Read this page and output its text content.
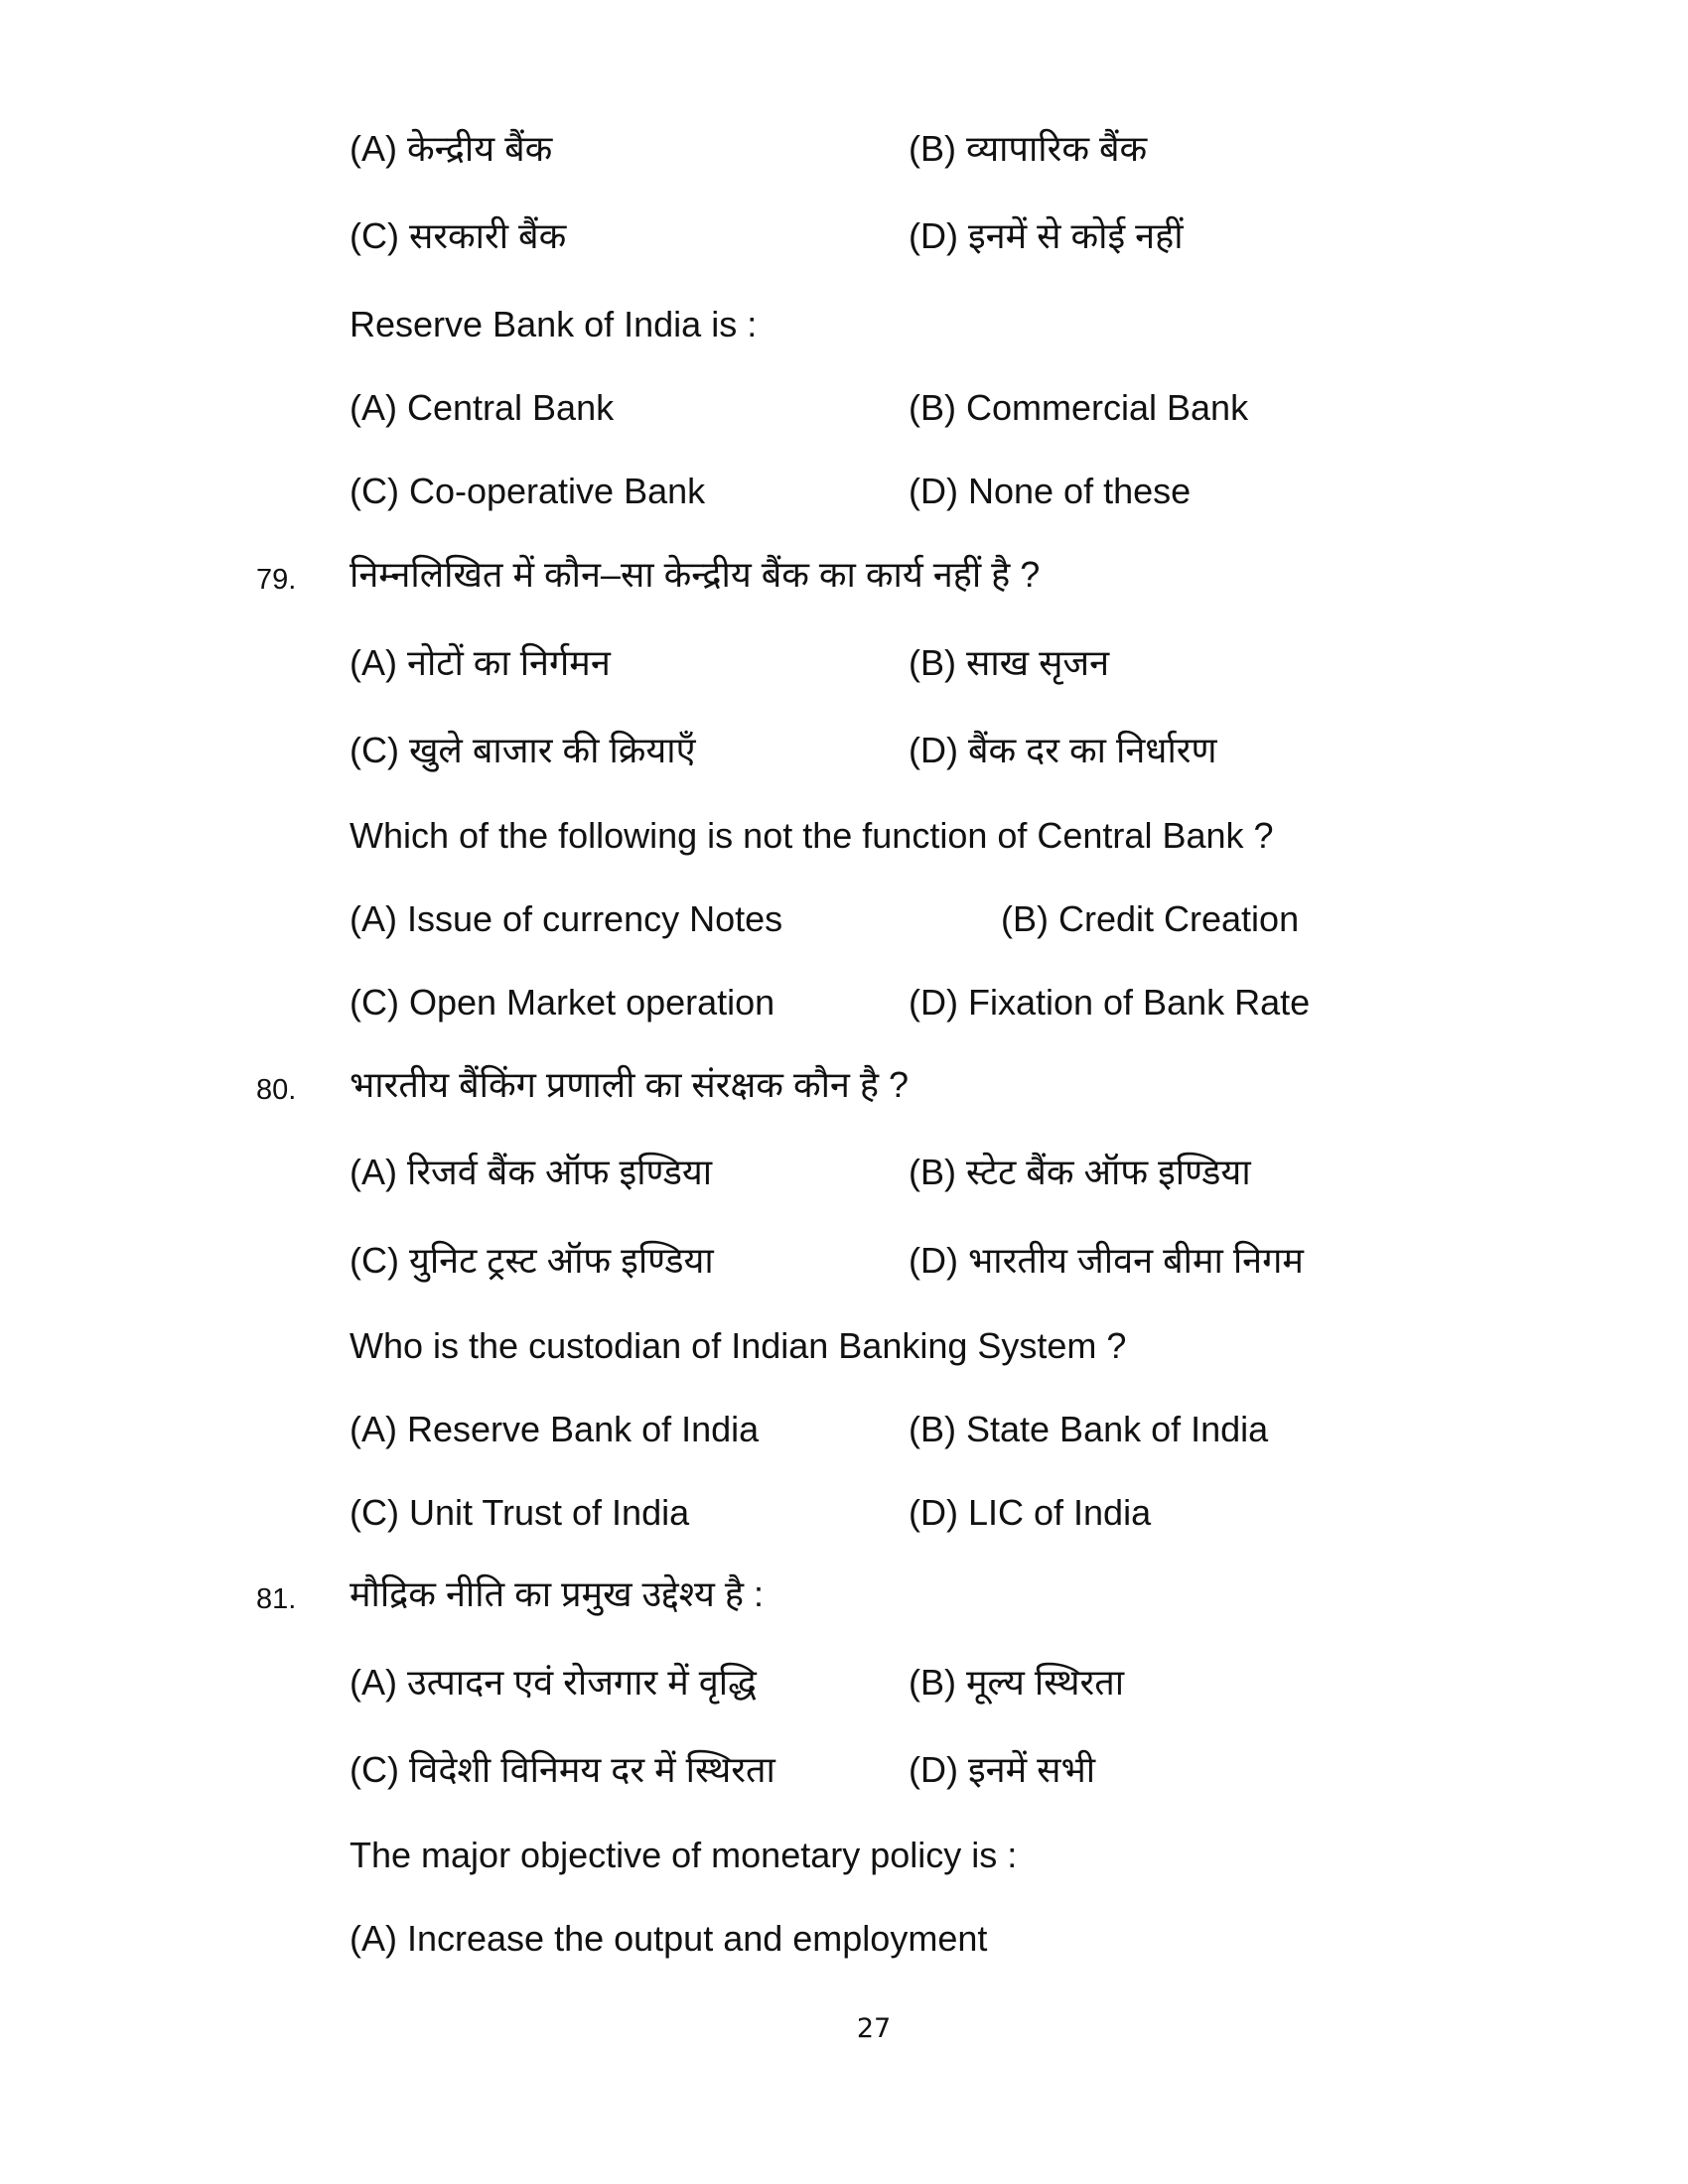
(A) केन्द्रीय बैंक	(B) व्यापारिक बैंक
(C) सरकारी बैंक	(D) इनमें से कोई नहीं
Reserve Bank of India is :
(A) Central Bank	(B) Commercial Bank
(C) Co-operative Bank	(D) None of these
79. निम्नलिखित में कौन–सा केन्द्रीय बैंक का कार्य नहीं है ?
(A) नोटों का निर्गमन	(B) साख सृजन
(C) खुले बाजार की क्रियाएँ	(D) बैंक दर का निर्धारण
Which of the following is not the function of Central Bank ?
(A) Issue of currency Notes	(B) Credit Creation
(C) Open Market operation	(D) Fixation of Bank Rate
80. भारतीय बैंकिंग प्रणाली का संरक्षक कौन है ?
(A) रिजर्व बैंक ऑफ इण्डिया	(B) स्टेट बैंक ऑफ इण्डिया
(C) युनिट ट्रस्ट ऑफ इण्डिया	(D) भारतीय जीवन बीमा निगम
Who is the custodian of Indian Banking System ?
(A) Reserve Bank of India	(B) State Bank of India
(C) Unit Trust of India	(D) LIC of India
81. मौद्रिक नीति का प्रमुख उद्देश्य है :
(A) उत्पादन एवं रोजगार में वृद्धि	(B) मूल्य स्थिरता
(C) विदेशी विनिमय दर में स्थिरता	(D) इनमें सभी
The major objective of monetary policy is :
(A) Increase the output and employment
27
